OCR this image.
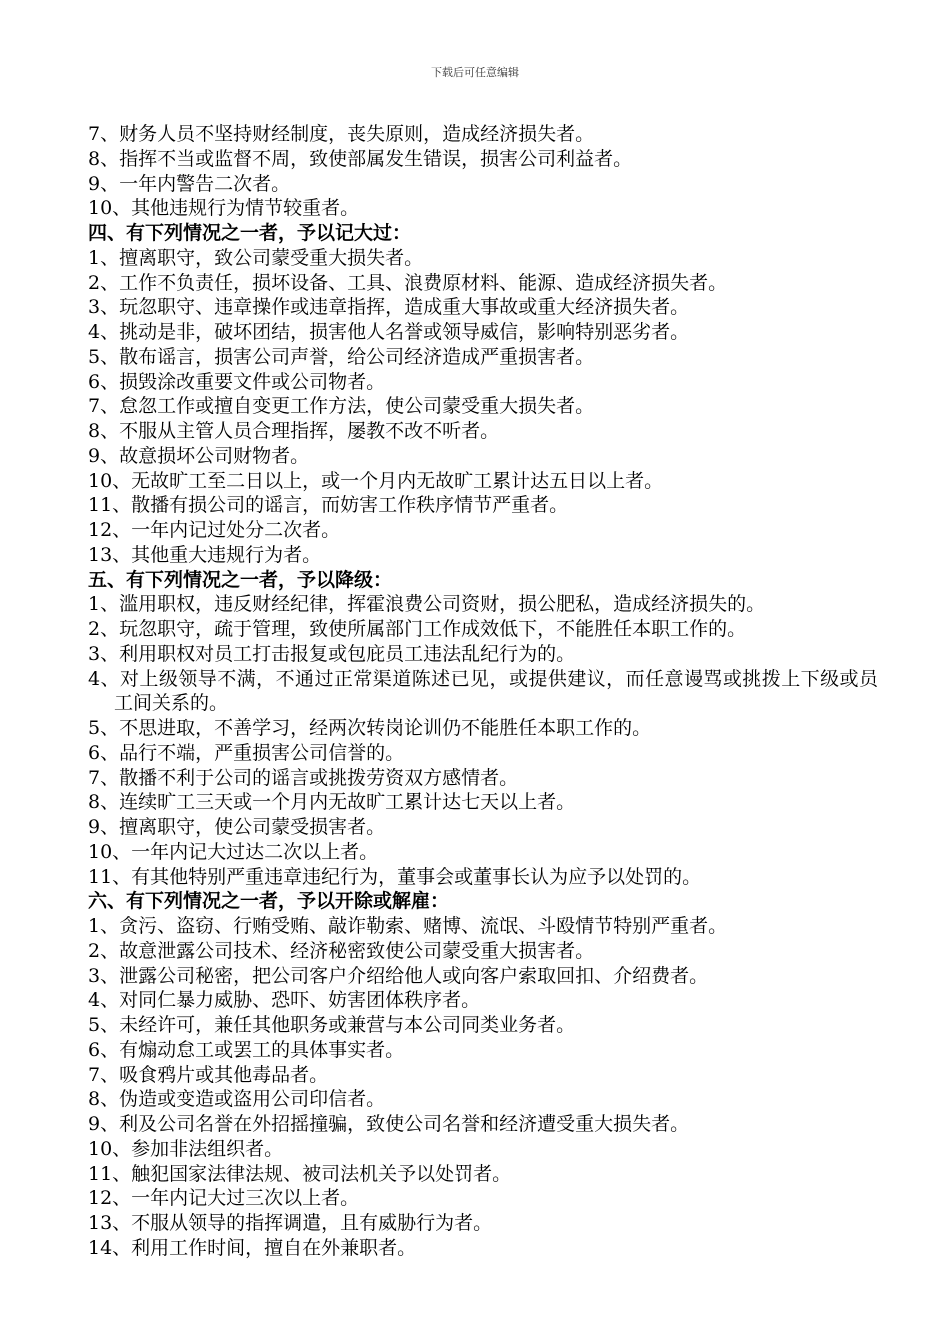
下载后可任意编辑
7、财务人员不坚持财经制度，丧失原则，造成经济损失者。
8、指挥不当或监督不周，致使部属发生错误，损害公司利益者。
9、一年内警告二次者。
10、其他违规行为情节较重者。
四、有下列情况之一者，予以记大过：
1、擅离职守，致公司蒙受重大损失者。
2、工作不负责任，损坏设备、工具、浪费原材料、能源、造成经济损失者。
3、玩忽职守、违章操作或违章指挥，造成重大事故或重大经济损失者。
4、挑动是非，破坏团结，损害他人名誉或领导威信，影响特别恶劣者。
5、散布谣言，损害公司声誉，给公司经济造成严重损害者。
6、损毁涂改重要文件或公司物者。
7、怠忽工作或擅自变更工作方法，使公司蒙受重大损失者。
8、不服从主管人员合理指挥，屡教不改不听者。
9、故意损坏公司财物者。
10、无故旷工至二日以上，或一个月内无故旷工累计达五日以上者。
11、散播有损公司的谣言，而妨害工作秩序情节严重者。
12、一年内记过处分二次者。
13、其他重大违规行为者。
五、有下列情况之一者，予以降级：
1、滥用职权，违反财经纪律，挥霍浪费公司资财，损公肥私，造成经济损失的。
2、玩忽职守，疏于管理，致使所属部门工作成效低下，不能胜任本职工作的。
3、利用职权对员工打击报复或包庇员工违法乱纪行为的。
4、对上级领导不满，不通过正常渠道陈述已见，或提供建议，而任意谩骂或挑拨上下级或员工间关系的。
5、不思进取，不善学习，经两次转岗论训仍不能胜任本职工作的。
6、品行不端，严重损害公司信誉的。
7、散播不利于公司的谣言或挑拨劳资双方感情者。
8、连续旷工三天或一个月内无故旷工累计达七天以上者。
9、擅离职守，使公司蒙受损害者。
10、一年内记大过达二次以上者。
11、有其他特别严重违章违纪行为，董事会或董事长认为应予以处罚的。
六、有下列情况之一者，予以开除或解雇：
1、贪污、盗窃、行贿受贿、敲诈勒索、赌博、流氓、斗殴情节特别严重者。
2、故意泄露公司技术、经济秘密致使公司蒙受重大损害者。
3、泄露公司秘密，把公司客户介绍给他人或向客户索取回扣、介绍费者。
4、对同仁暴力威胁、恐吓、妨害团体秩序者。
5、未经许可，兼任其他职务或兼营与本公司同类业务者。
6、有煽动怠工或罢工的具体事实者。
7、吸食鸦片或其他毒品者。
8、伪造或变造或盗用公司印信者。
9、利及公司名誉在外招摇撞骗，致使公司名誉和经济遭受重大损失者。
10、参加非法组织者。
11、触犯国家法律法规、被司法机关予以处罚者。
12、一年内记大过三次以上者。
13、不服从领导的指挥调遣，且有威胁行为者。
14、利用工作时间，擅自在外兼职者。
